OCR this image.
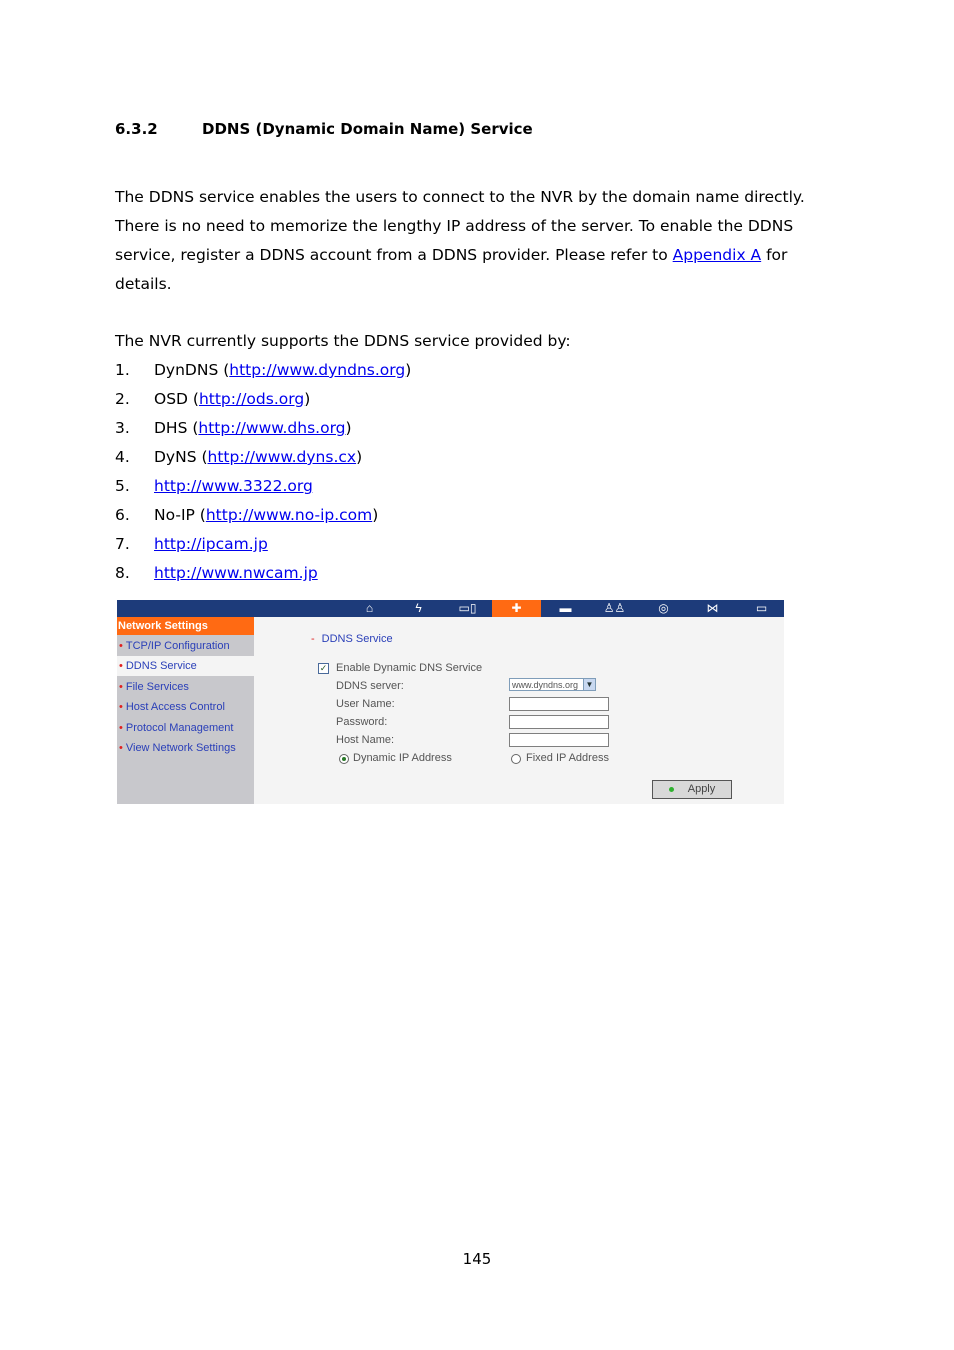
6.3.2	DDNS (Dynamic Domain Name) Service
The DDNS service enables the users to connect to the NVR by the domain name directly.
There is no need to memorize the lengthy IP address of the server. To enable the DDNS
service, register a DDNS account from a DDNS provider. Please refer to Appendix A for
details.
The NVR currently supports the DDNS service provided by:
1. DynDNS (http://www.dyndns.org)
2. OSD (http://ods.org)
3. DHS (http://www.dhs.org)
4. DyNS (http://www.dyns.cx)
5. http://www.3322.org
6. No-IP (http://www.no-ip.com)
7. http://ipcam.jp
8. http://www.nwcam.jp
⌂	ϟ	▭▯	✚	▬	♙♙	◎	⋈	▭
Network Settings
• TCP/IP Configuration
• DDNS Service
• File Services
• Host Access Control
• Protocol Management
• View Network Settings
- DDNS Service
✓ Enable Dynamic DNS Service
DDNS server:	www.dyndns.org ▼
User Name:
Password:
Host Name:
Dynamic IP Address	Fixed IP Address
Apply
145
